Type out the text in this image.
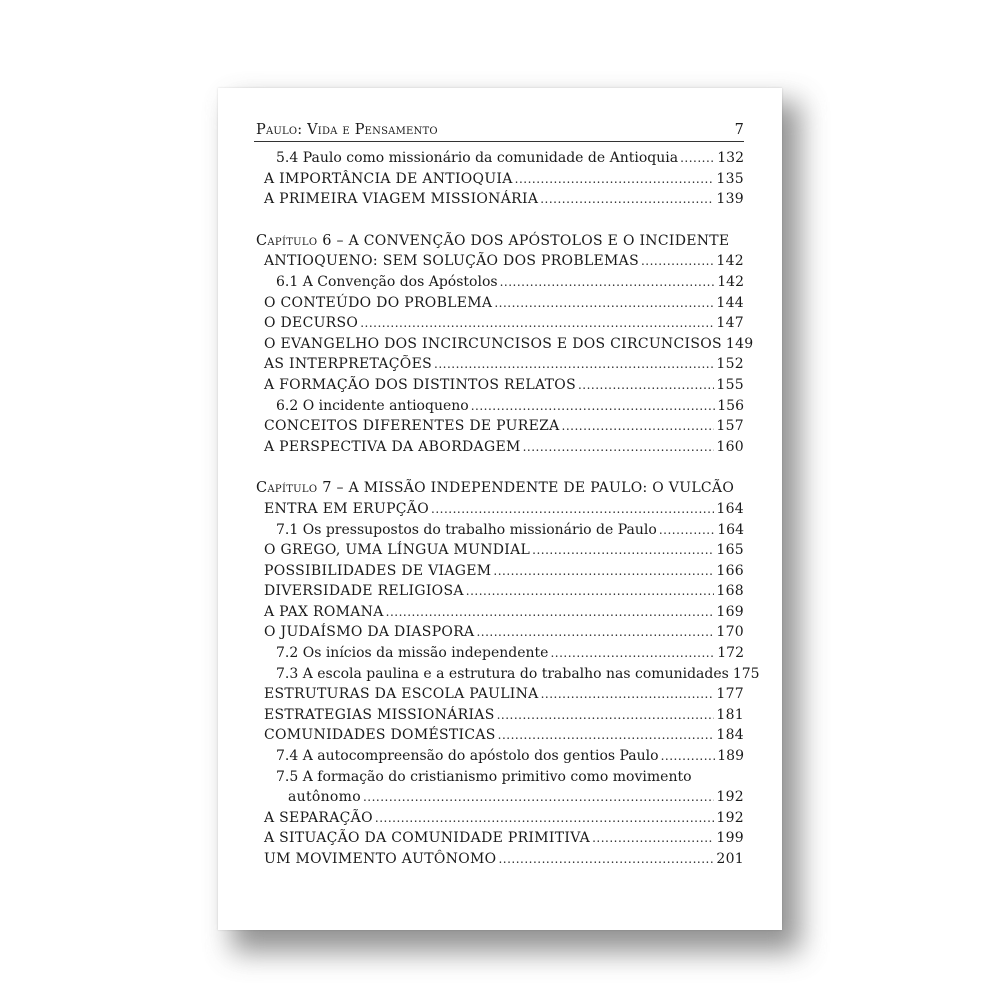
Paulo: Vida e Pensamento	7
5.4 Paulo como missionário da comunidade de Antioquia .....	132
A IMPORTÂNCIA DE ANTIOQUIA .....	135
A PRIMEIRA VIAGEM MISSIONÁRIA .....	139
Capítulo 6 – A CONVENÇÃO DOS APÓSTOLOS E O INCIDENTE
ANTIOQUENO: SEM SOLUÇÃO DOS PROBLEMAS .....	142
6.1 A Convenção dos Apóstolos .....	142
O CONTEÚDO DO PROBLEMA .....	144
O DECURSO .....	147
O EVANGELHO DOS INCIRCUNCISOS E DOS CIRCUNCISOS 149
AS INTERPRETAÇÕES .....	152
A FORMAÇÃO DOS DISTINTOS RELATOS .....	155
6.2 O incidente antioqueno .....	156
CONCEITOS DIFERENTES DE PUREZA .....	157
A PERSPECTIVA DA ABORDAGEM .....	160
Capítulo 7 – A MISSÃO INDEPENDENTE DE PAULO: O VULCÃO
ENTRA EM ERUPÇÃO .....	164
7.1 Os pressupostos do trabalho missionário de Paulo .....	164
O GREGO, UMA LÍNGUA MUNDIAL .....	165
POSSIBILIDADES DE VIAGEM .....	166
DIVERSIDADE RELIGIOSA .....	168
A PAX ROMANA .....	169
O JUDAÍSMO DA DIASPORA .....	170
7.2 Os inícios da missão independente .....	172
7.3 A escola paulina e a estrutura do trabalho nas comunidades 175
ESTRUTURAS DA ESCOLA PAULINA .....	177
ESTRATEGIAS MISSIONÁRIAS .....	181
COMUNIDADES DOMÉSTICAS .....	184
7.4 A autocompreensão do apóstolo dos gentios Paulo .....	189
7.5 A formação do cristianismo primitivo como movimento
autônomo .....	192
A SEPARAÇÃO .....	192
A SITUAÇÃO DA COMUNIDADE PRIMITIVA .....	199
UM MOVIMENTO AUTÔNOMO .....	201
